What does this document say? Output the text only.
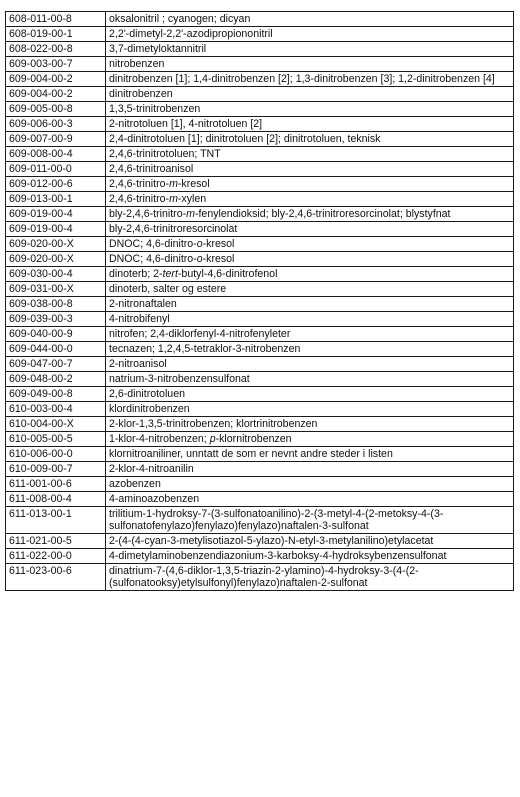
608-011-00-8	oksalonitril ; cyanogen; dicyan
608-019-00-1	2,2'-dimetyl-2,2'-azodipropiononitril
608-022-00-8	3,7-dimetyloktannitril
609-003-00-7	nitrobenzen
609-004-00-2	dinitrobenzen [1]; 1,4-dinitrobenzen [2]; 1,3-dinitrobenzen [3]; 1,2-dinitrobenzen [4]
609-004-00-2	dinitrobenzen
609-005-00-8	1,3,5-trinitrobenzen
609-006-00-3	2-nitrotoluen [1], 4-nitrotoluen [2]
609-007-00-9	2,4-dinitrotoluen [1]; dinitrotoluen [2]; dinitrotoluen, teknisk
609-008-00-4	2,4,6-trinitrotoluen; TNT
609-011-00-0	2,4,6-trinitroanisol
609-012-00-6	2,4,6-trinitro-m-kresol
609-013-00-1	2,4,6-trinitro-m-xylen
609-019-00-4	bly-2,4,6-trinitro-m-fenylendioksid; bly-2,4,6-trinitroresorcinolat; blystyfnat
609-019-00-4	bly-2,4,6-trinitroresorcinolat
609-020-00-X	DNOC; 4,6-dinitro-o-kresol
609-020-00-X	DNOC; 4,6-dinitro-o-kresol
609-030-00-4	dinoterb; 2-tert-butyl-4,6-dinitrofenol
609-031-00-X	dinoterb, salter og estere
609-038-00-8	2-nitronaftalen
609-039-00-3	4-nitrobifenyl
609-040-00-9	nitrofen; 2,4-diklorfenyl-4-nitrofenyleter
609-044-00-0	tecnazen; 1,2,4,5-tetraklor-3-nitrobenzen
609-047-00-7	2-nitroanisol
609-048-00-2	natrium-3-nitrobenzensulfonat
609-049-00-8	2,6-dinitrotoluen
610-003-00-4	klordinitrobenzen
610-004-00-X	2-klor-1,3,5-trinitrobenzen; klortrinitrobenzen
610-005-00-5	1-klor-4-nitrobenzen; p-klornitrobenzen
610-006-00-0	klornitroaniliner, unntatt de som er nevnt andre steder i listen
610-009-00-7	2-klor-4-nitroanilin
611-001-00-6	azobenzen
611-008-00-4	4-aminoazobenzen
611-013-00-1	trilitium-1-hydroksy-7-(3-sulfonatoanilino)-2-(3-metyl-4-(2-metoksy-4-(3-sulfonatofenylazo)fenylazo)fenylazo)naftalen-3-sulfonat
611-021-00-5	2-(4-(4-cyan-3-metylisotiazol-5-ylazo)-N-etyl-3-metylanilino)etylacetat
611-022-00-0	4-dimetylaminobenzendiazonium-3-karboksy-4-hydroksybenzensulfonat
611-023-00-6	dinatrium-7-(4,6-diklor-1,3,5-triazin-2-ylamino)-4-hydroksy-3-(4-(2-(sulfonatooksy)etylsulfonyl)fenylazo)naftalen-2-sulfonat
